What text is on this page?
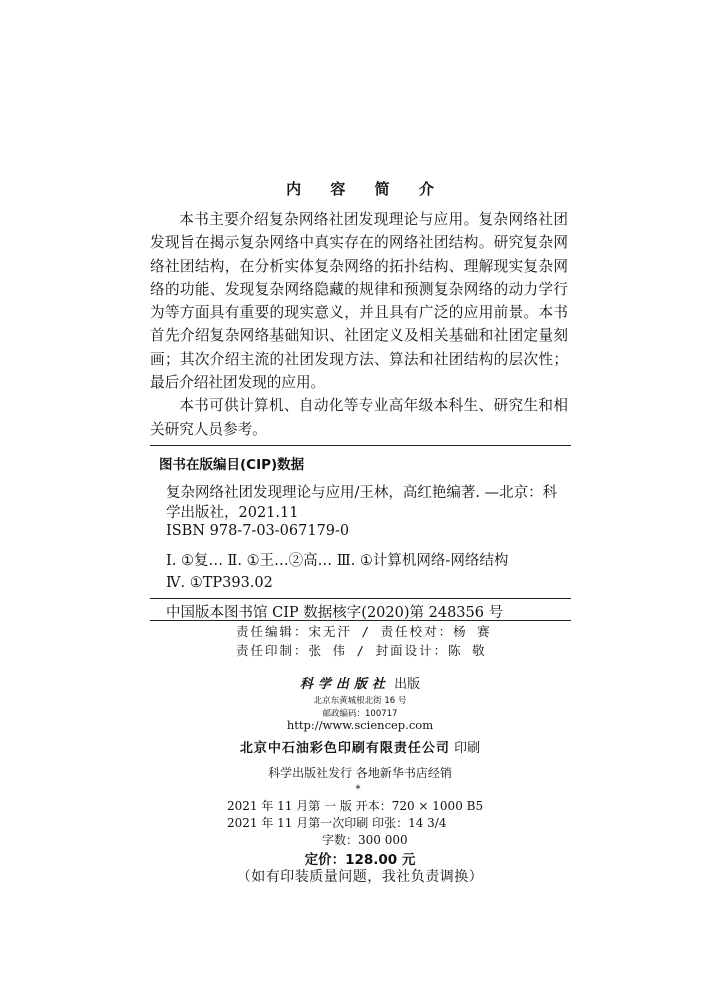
内 容 简 介

本书主要介绍复杂网络社团发现理论与应用。复杂网络社团发现旨在揭示复杂网络中真实存在的网络社团结构。研究复杂网络社团结构，在分析实体复杂网络的拓扑结构、理解现实复杂网络的功能、发现复杂网络隐藏的规律和预测复杂网络的动力学行为等方面具有重要的现实意义，并且具有广泛的应用前景。本书首先介绍复杂网络基础知识、社团定义及相关基础和社团定量刻画；其次介绍主流的社团发现方法、算法和社团结构的层次性；最后介绍社团发现的应用。

本书可供计算机、自动化等专业高年级本科生、研究生和相关研究人员参考。

图书在版编目(CIP)数据
复杂网络社团发现理论与应用/王林，高红艳编著. —北京：科学出版社，2021.11
ISBN 978-7-03-067179-0
Ⅰ. ①复… Ⅱ. ①王…②高… Ⅲ. ①计算机网络-网络结构
Ⅳ. ①TP393.02
中国版本图书馆 CIP 数据核字(2020)第 248356 号
责任编辑：宋无汗 / 责任校对：杨 赛
责任印制：张 伟 / 封面设计：陈 敬
科学出版社 出版
北京东黄城根北街 16 号
邮政编码：100717
http://www.sciencep.com
北京中石油彩色印刷有限责任公司 印刷
科学出版社发行 各地新华书店经销
*
2021 年 11 月第 一 版 开本：720 × 1000 B5
2021 年 11 月第一次印刷 印张：14 3/4
字数：300 000
定价：128.00 元
（如有印装质量问题，我社负责调换）
